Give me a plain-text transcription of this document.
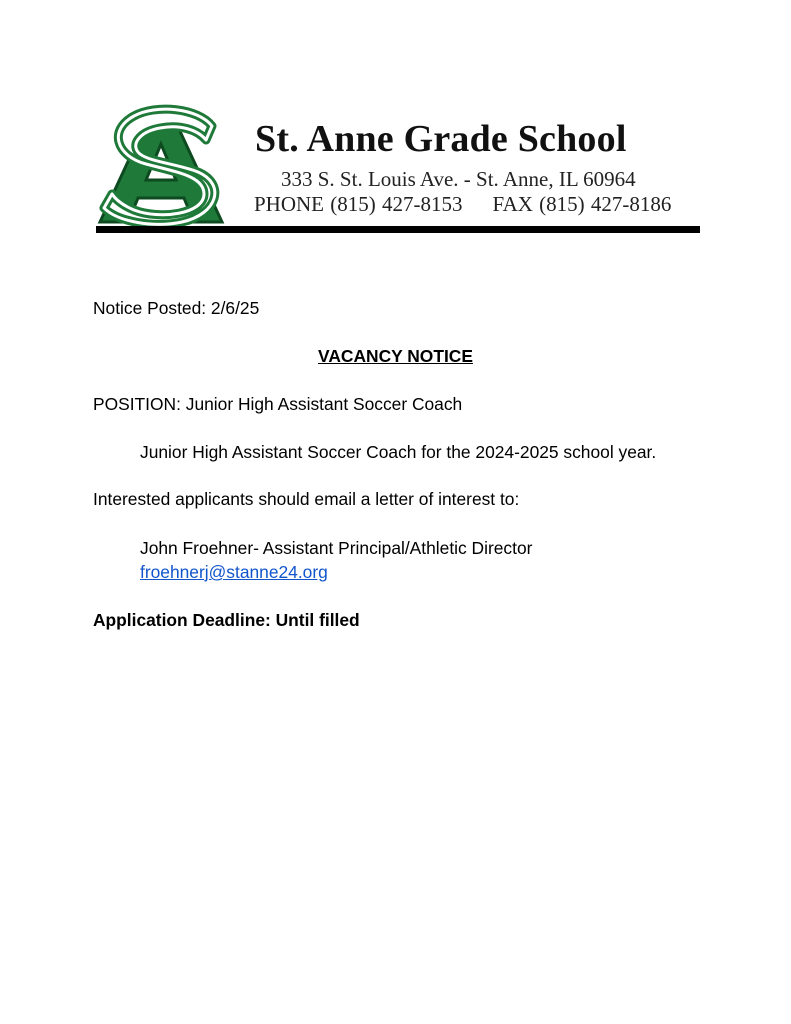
St. Anne Grade School
333 S. St. Louis Ave. - St. Anne, IL 60964
PHONE (815) 427-8153 FAX (815) 427-8186
Notice Posted: 2/6/25
VACANCY NOTICE
POSITION: Junior High Assistant Soccer Coach
Junior High Assistant Soccer Coach for the 2024-2025 school year.
Interested applicants should email a letter of interest to:
John Froehner- Assistant Principal/Athletic Director
froehnerj@stanne24.org
Application Deadline: Until filled
